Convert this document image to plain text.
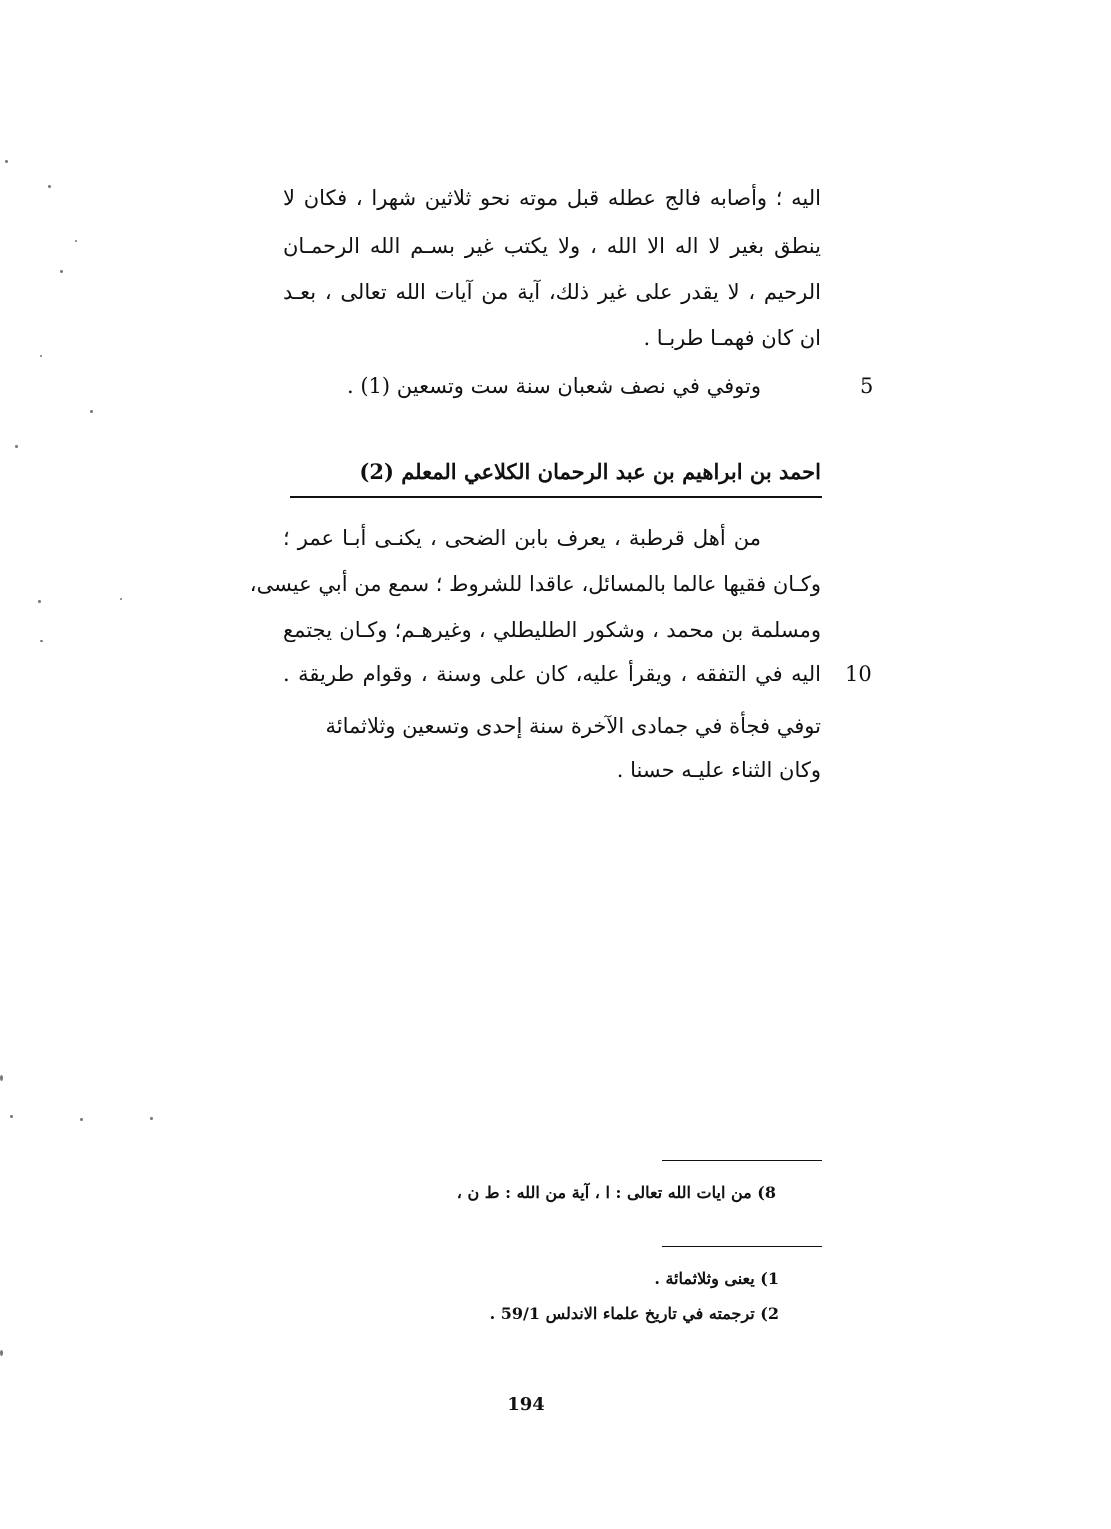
اليه ؛ وأصابه فالج عطله قبل موته نحو ثلاثين شهرا ، فكان لا
ينطق بغير لا اله الا الله ، ولا يكتب غير بسـم الله الرحمـان
الرحيم ، لا يقدر على غير ذلك، آية من آيات الله تعالى ، بعـد
ان كان فهمـا طربـا .
وتوفي في نصف شعبان سنة ست وتسعين (1) .	5
احمد بن ابراهيم بن عبد الرحمان الكلاعي المعلم (2)
من أهل قرطبة ، يعرف بابن الضحى ، يكنـى أبـا عمر ؛
وكـان فقيها عالما بالمسائل، عاقدا للشروط ؛ سمع من أبي عيسى،
ومسلمة بن محمد ، وشكور الطليطلي ، وغيرهـم؛ وكـان يجتمع
اليه في التفقه ، ويقرأ عليه، كان على وسنة ، وقوام طريقة . 10
توفي فجأة في جمادى الآخرة سنة إحدى وتسعين وثلاثمائة
وكان الثناء عليـه حسنا .
8) من ايات الله تعالى : ا ، آية من الله : ط ن ،
1) يعنى وثلاثمائة .
2) ترجمته في تاريخ علماء الاندلس 59/1 .
194
